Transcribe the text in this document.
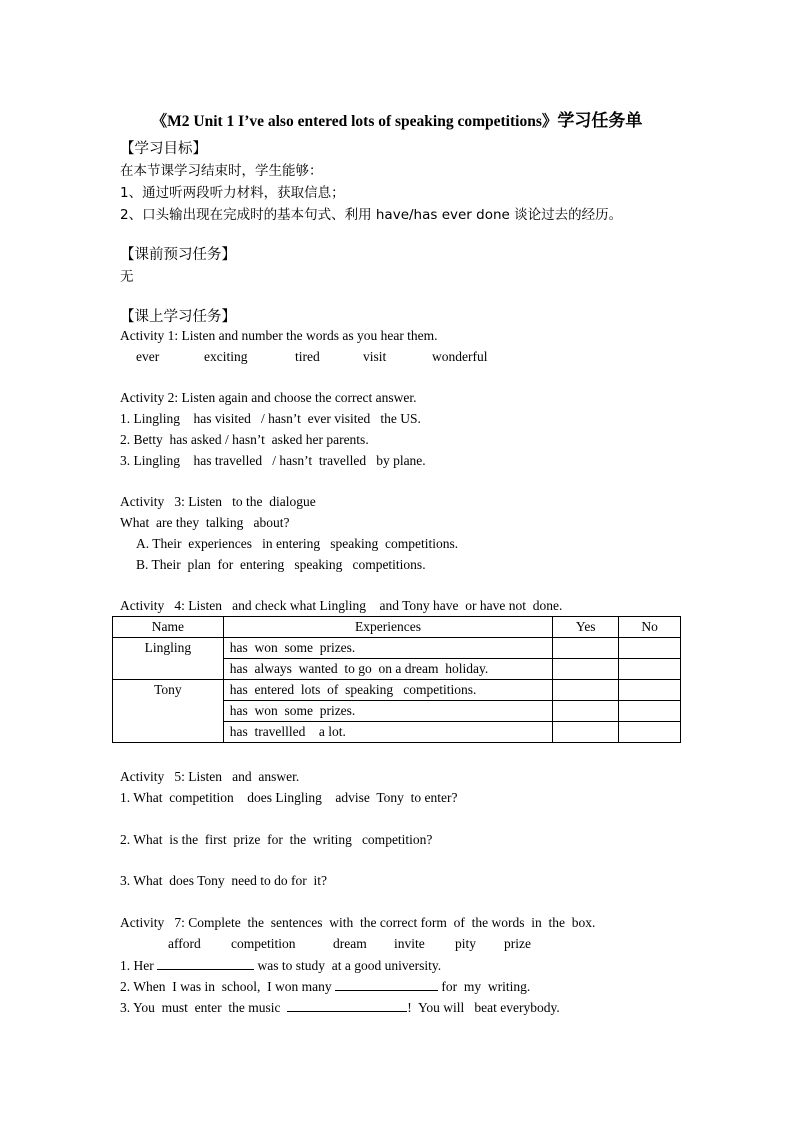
《M2 Unit 1 I’ve also entered lots of speaking competitions》学习任务单
【学习目标】
在本节课学习结束时，学生能够：
1、通过听两段听力材料，获取信息；
2、口头输出现在完成时的基本句式、利用 have/has ever done 谈论过去的经历。
【课前预习任务】
无
【课上学习任务】
Activity 1: Listen and number the words as you hear them.
ever	exciting	tired	visit	wonderful
Activity 2: Listen again and choose the correct answer.
1. Lingling    has visited   / hasn’t  ever visited   the US.
2. Betty  has asked / hasn’t  asked her parents.
3. Lingling    has travelled   / hasn’t  travelled   by plane.
Activity   3: Listen   to the  dialogue
What  are they  talking   about?
A. Their  experiences   in entering   speaking  competitions.
B. Their  plan  for  entering   speaking   competitions.
Activity   4: Listen   and check what Lingling    and Tony have  or have not  done.
Name	Experiences	Yes	No
Lingling	has  won  some  prizes.		
	has  always  wanted  to go  on a dream  holiday.		
Tony	has  entered  lots  of  speaking   competitions.		
	has  won  some  prizes.		
	has  travellled    a lot.		
Activity   5: Listen   and  answer.
1. What  competition    does Lingling    advise  Tony  to enter?
2. What  is the  first  prize  for  the  writing   competition?
3. What  does Tony  need to do for  it?
Activity   7: Complete  the  sentences  with  the correct form  of  the words  in  the  box.
afford competition	dream invite pity prize
1. Her	was to study  at a good university.
2. When  I was in  school,  I won many	for  my  writing.
3. You  must  enter  the music	!  You will   beat everybody.
